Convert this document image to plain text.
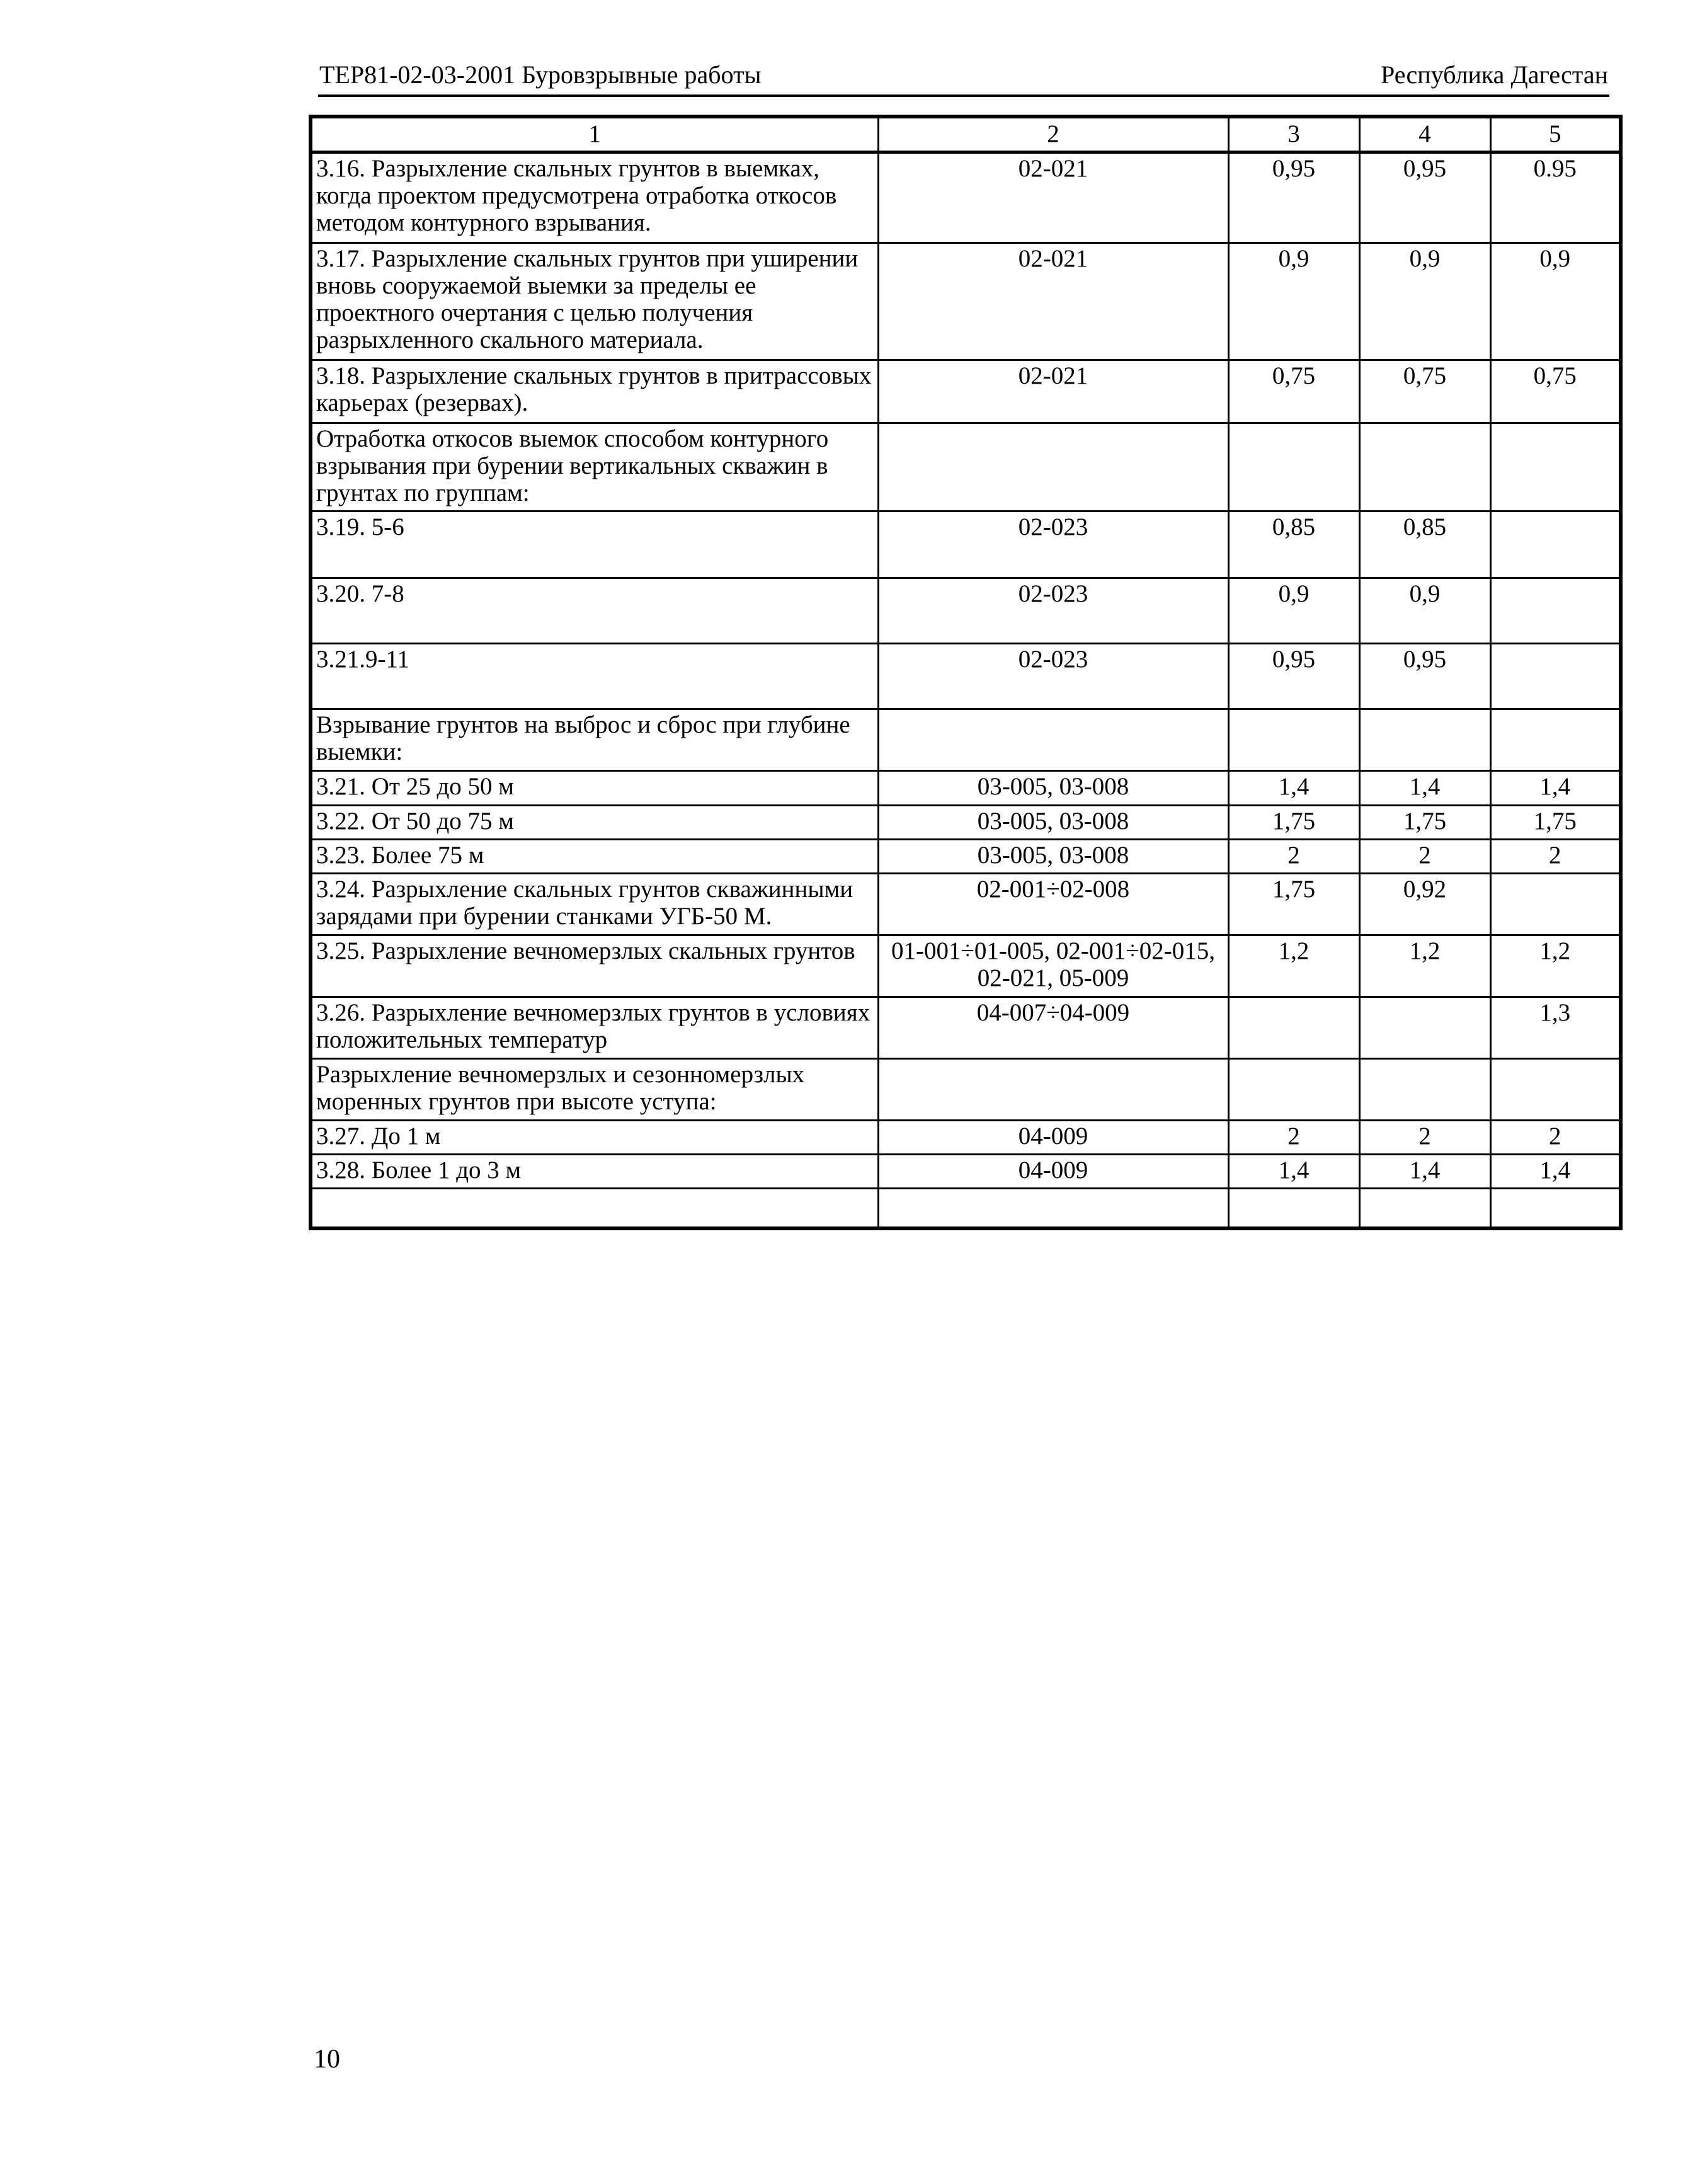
ТЕР81-02-03-2001 Буровзрывные работы	Республика Дагестан
1	2	3	4	5
3.16. Разрыхление скальных грунтов в выемках, когда проектом предусмотрена отработка откосов методом контурного взрывания.	02-021	0,95	0,95	0.95
3.17. Разрыхление скальных грунтов при уширении вновь сооружаемой выемки за пределы ее проектного очертания с целью получения разрыхленного скального материала.	02-021	0,9	0,9	0,9
3.18. Разрыхление скальных грунтов в притрассовых карьерах (резервах).	02-021	0,75	0,75	0,75
Отработка откосов выемок способом контурного взрывания при бурении вертикальных скважин в грунтах по группам:				
3.19. 5-6	02-023	0,85	0,85	
3.20. 7-8	02-023	0,9	0,9	
3.21.9-11	02-023	0,95	0,95	
Взрывание грунтов на выброс и сброс при глубине выемки:				
3.21. От 25 до 50 м	03-005, 03-008	1,4	1,4	1,4
3.22. От 50 до 75 м	03-005, 03-008	1,75	1,75	1,75
3.23. Более 75 м	03-005, 03-008	2	2	2
3.24. Разрыхление скальных грунтов скважинными зарядами при бурении станками УГБ-50 М.	02-001÷02-008	1,75	0,92	
3.25. Разрыхление вечномерзлых скальных грунтов	01-001÷01-005, 02-001÷02-015, 02-021, 05-009	1,2	1,2	1,2
3.26. Разрыхление вечномерзлых грунтов в условиях положительных температур	04-007÷04-009			1,3
Разрыхление вечномерзлых и сезонномерзлых моренных грунтов при высоте уступа:				
3.27. До 1 м	04-009	2	2	2
3.28. Более 1 до 3 м	04-009	1,4	1,4	1,4

10
